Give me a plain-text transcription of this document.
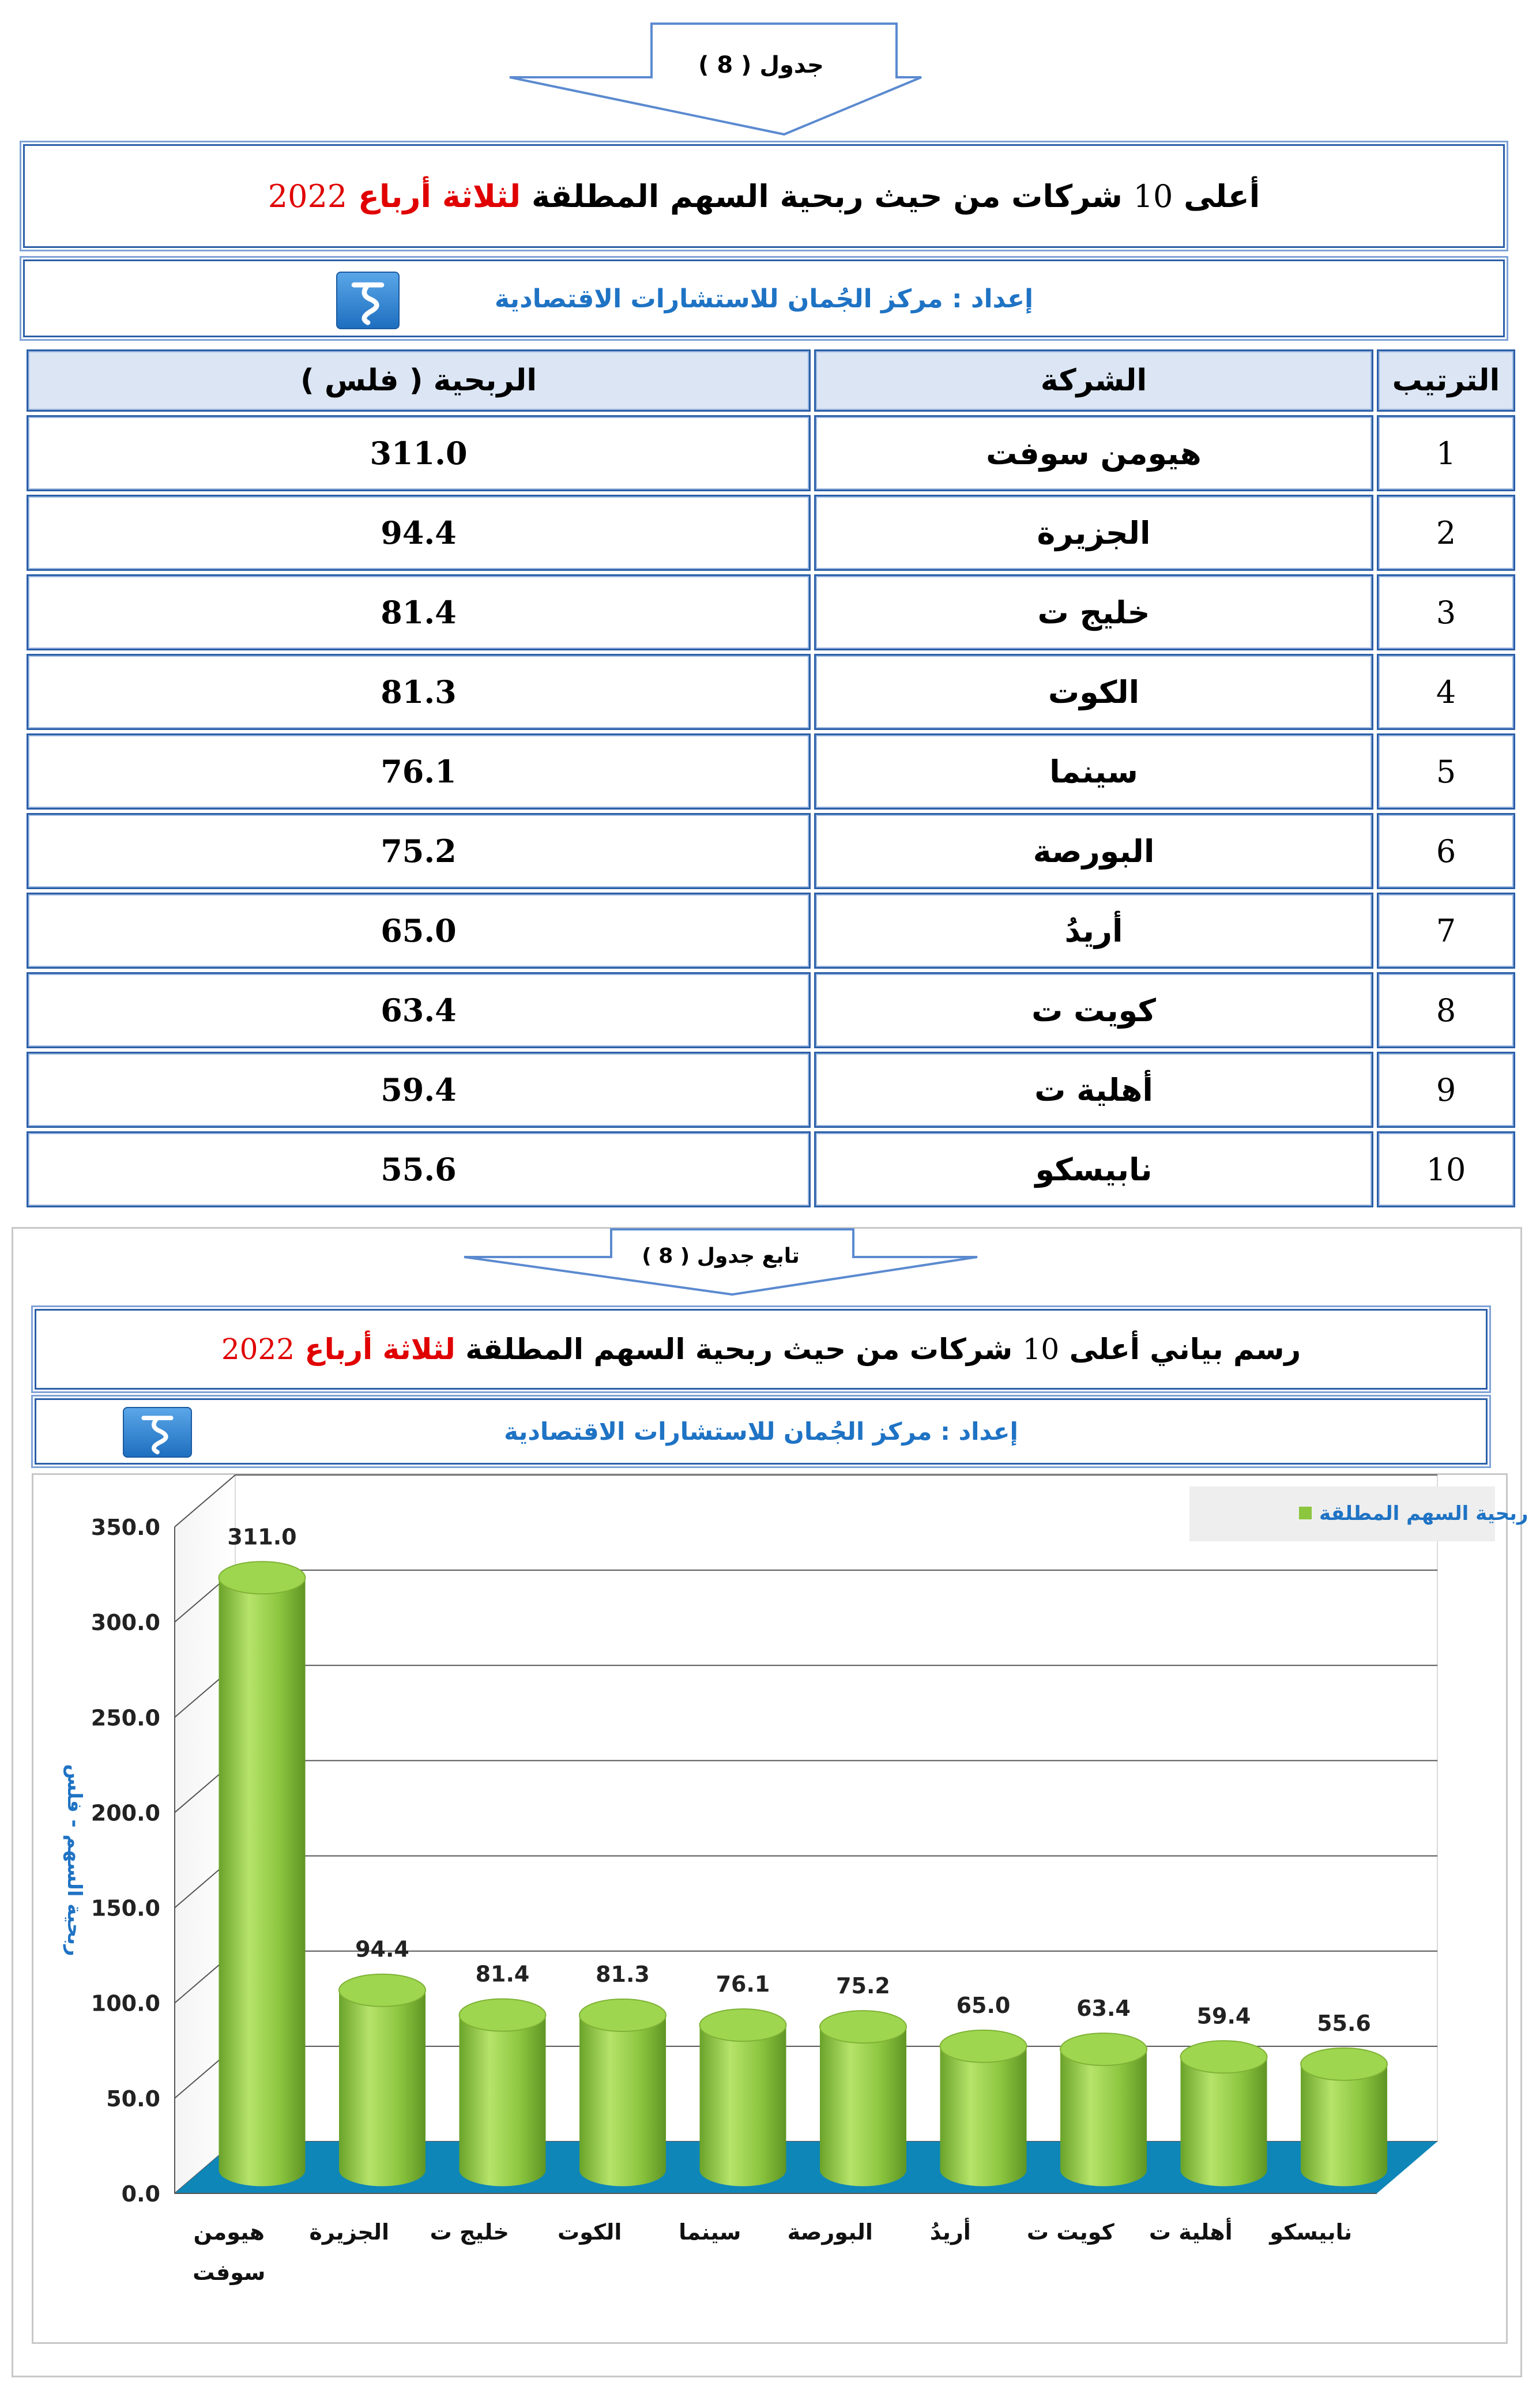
جدول ( 8 )
أعلى 10 شركات من حيث ربحية السهم المطلقة لثلاثة أرباع 2022
إعداد : مركز الجُمان للاستشارات الاقتصادية
الربحية ( فلس )	الشركة	الترتيب
311.0	هيومن سوفت	1
94.4	الجزيرة	2
81.4	خليج ت	3
81.3	الكوت	4
76.1	سينما	5
75.2	البورصة	6
65.0	أريدُ	7
63.4	كويت ت	8
59.4	أهلية ت	9
55.6	نابيسكو	10
تابع جدول ( 8 )
رسم بياني أعلى 10 شركات من حيث ربحية السهم المطلقة لثلاثة أرباع 2022
إعداد : مركز الجُمان للاستشارات الاقتصادية
0.0
50.0
100.0
150.0
200.0
250.0
300.0
350.0	311.0
هيومن
سوفت
94.4
الجزيرة
81.4
خليج ت
81.3
الكوت
76.1
سينما
75.2
البورصة
65.0
أريدُ
63.4
كويت ت
59.4
أهلية ت
55.6
نابيسكو
ربحية السهم - فلس
ربحية السهم المطلقة
